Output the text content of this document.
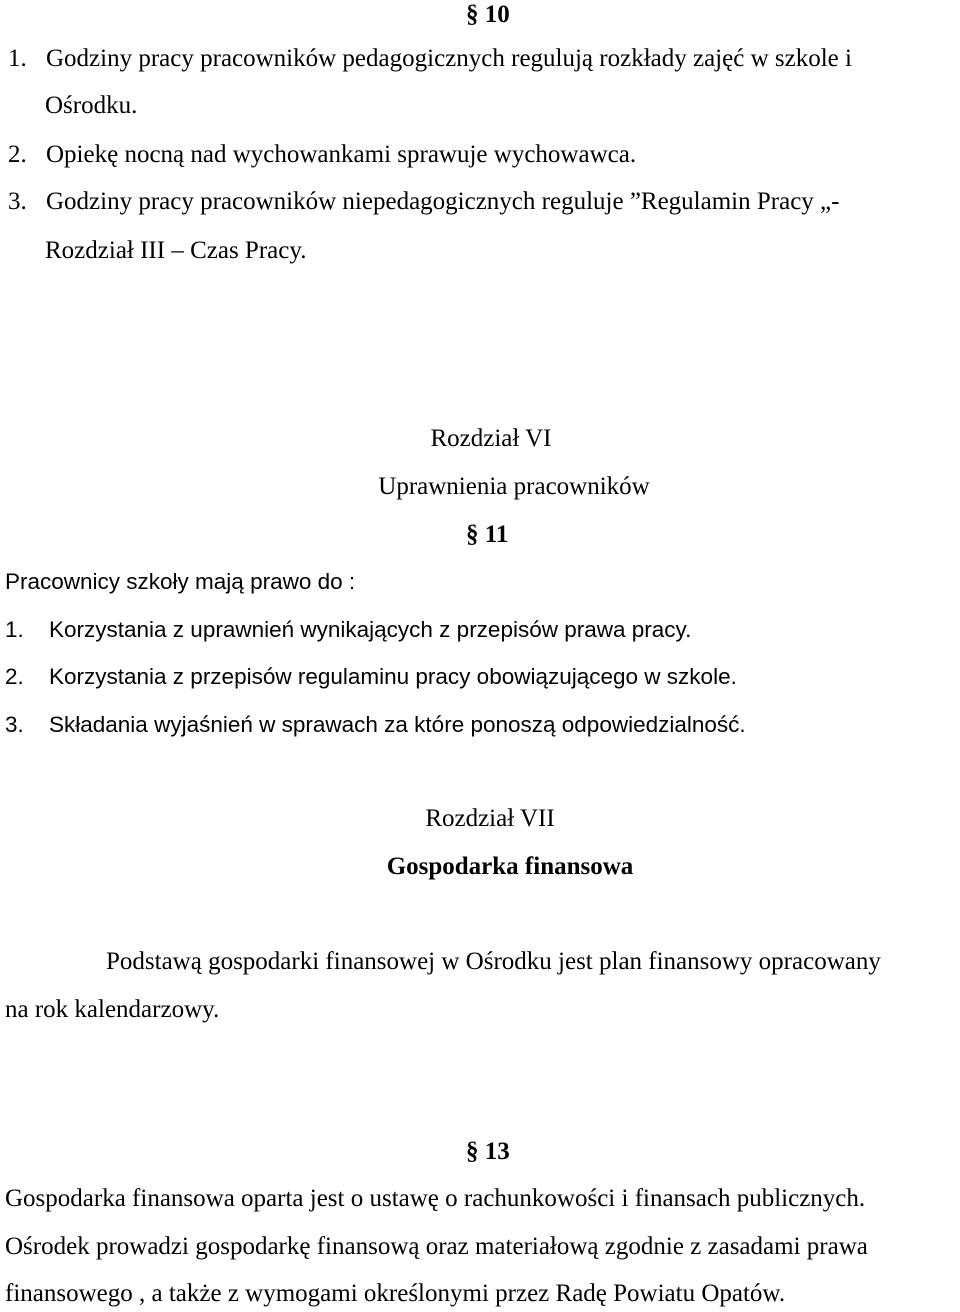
§ 10
1. Godziny pracy pracowników pedagogicznych regulują rozkłady zajęć w szkole i
Ośrodku.
2. Opiekę nocną nad wychowankami sprawuje wychowawca.
3. Godziny pracy pracowników niepedagogicznych reguluje ”Regulamin Pracy „-
Rozdział III – Czas Pracy.
Rozdział VI
Uprawnienia pracowników
§ 11
Pracownicy szkoły mają prawo do :
1. Korzystania z uprawnień wynikających z przepisów prawa pracy.
2. Korzystania z przepisów regulaminu pracy obowiązującego w szkole.
3. Składania wyjaśnień w sprawach za które ponoszą odpowiedzialność.
Rozdział VII
Gospodarka finansowa
Podstawą gospodarki finansowej w Ośrodku jest plan finansowy opracowany
na rok kalendarzowy.
§ 13
Gospodarka finansowa oparta jest o ustawę o rachunkowości i finansach publicznych.
Ośrodek prowadzi gospodarkę finansową oraz materiałową zgodnie z zasadami prawa
finansowego , a także z wymogami określonymi przez Radę Powiatu Opatów.
